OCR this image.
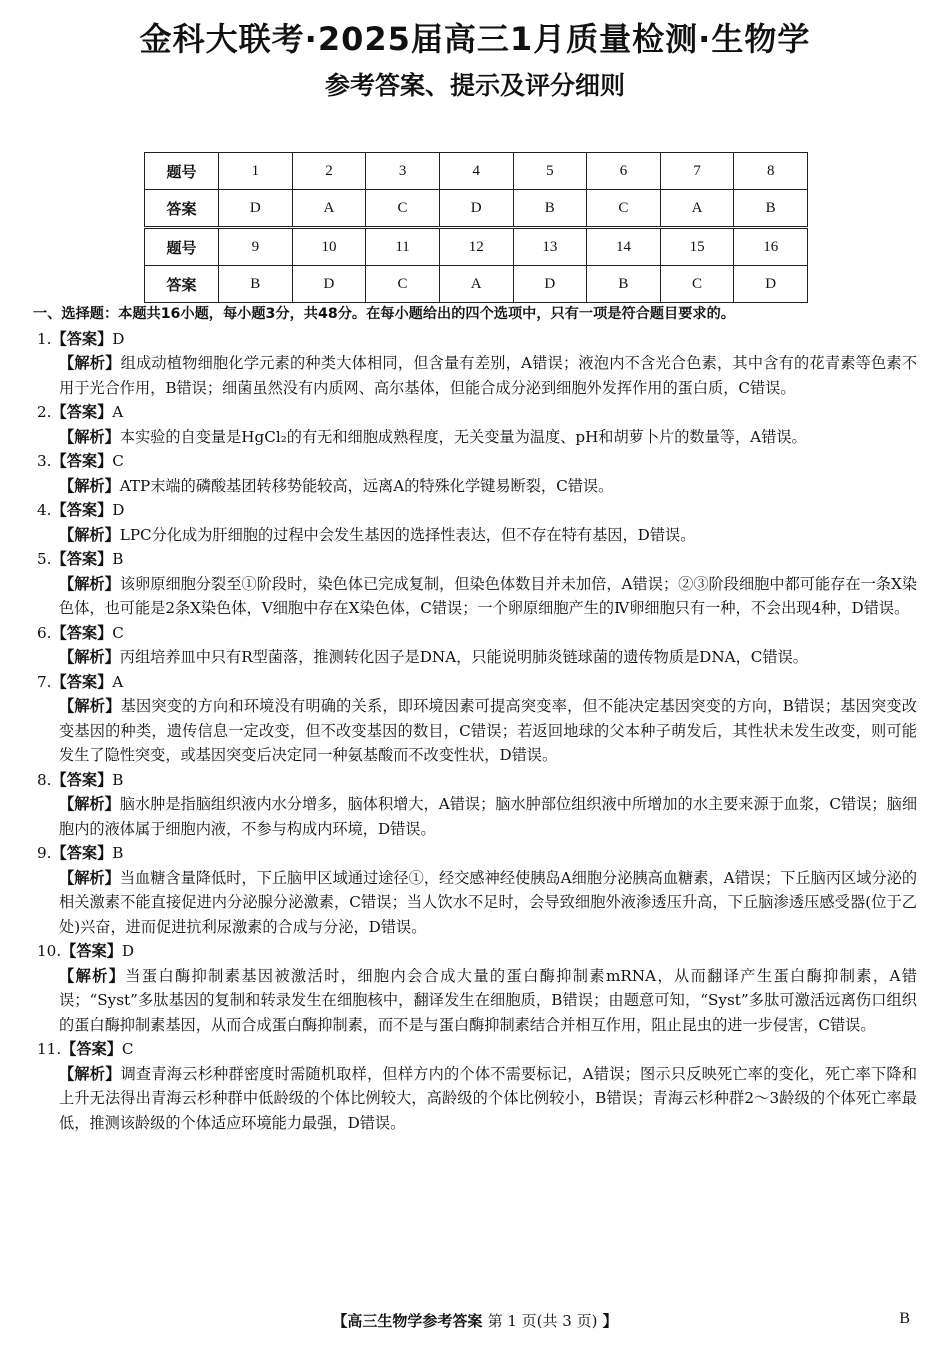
金科大联考·2025届高三1月质量检测·生物学
参考答案、提示及评分细则
题号	1	2	3	4	5	6	7	8
答案	D	A	C	D	B	C	A	B
题号	9	10	11	12	13	14	15	16
答案	B	D	C	A	D	B	C	D
一、选择题：本题共16小题，每小题3分，共48分。在每小题给出的四个选项中，只有一项是符合题目要求的。
1.【答案】D
【解析】组成动植物细胞化学元素的种类大体相同，但含量有差别，A错误；液泡内不含光合色素，其中含有的花青素等色素不用于光合作用，B错误；细菌虽然没有内质网、高尔基体，但能合成分泌到细胞外发挥作用的蛋白质，C错误。
2.【答案】A
【解析】本实验的自变量是HgCl₂的有无和细胞成熟程度，无关变量为温度、pH和胡萝卜片的数量等，A错误。
3.【答案】C
【解析】ATP末端的磷酸基团转移势能较高，远离A的特殊化学键易断裂，C错误。
4.【答案】D
【解析】LPC分化成为肝细胞的过程中会发生基因的选择性表达，但不存在特有基因，D错误。
5.【答案】B
【解析】该卵原细胞分裂至①阶段时，染色体已完成复制，但染色体数目并未加倍，A错误；②③阶段细胞中都可能存在一条X染色体，也可能是2条X染色体，Ⅴ细胞中存在X染色体，C错误；一个卵原细胞产生的Ⅳ卵细胞只有一种，不会出现4种，D错误。
6.【答案】C
【解析】丙组培养皿中只有R型菌落，推测转化因子是DNA，只能说明肺炎链球菌的遗传物质是DNA，C错误。
7.【答案】A
【解析】基因突变的方向和环境没有明确的关系，即环境因素可提高突变率，但不能决定基因突变的方向，B错误；基因突变改变基因的种类，遗传信息一定改变，但不改变基因的数目，C错误；若返回地球的父本种子萌发后，其性状未发生改变，则可能发生了隐性突变，或基因突变后决定同一种氨基酸而不改变性状，D错误。
8.【答案】B
【解析】脑水肿是指脑组织液内水分增多，脑体积增大，A错误；脑水肿部位组织液中所增加的水主要来源于血浆，C错误；脑细胞内的液体属于细胞内液，不参与构成内环境，D错误。
9.【答案】B
【解析】当血糖含量降低时，下丘脑甲区域通过途径①，经交感神经使胰岛A细胞分泌胰高血糖素，A错误；下丘脑丙区域分泌的相关激素不能直接促进内分泌腺分泌激素，C错误；当人饮水不足时，会导致细胞外液渗透压升高，下丘脑渗透压感受器(位于乙处)兴奋，进而促进抗利尿激素的合成与分泌，D错误。
10.【答案】D
【解析】当蛋白酶抑制素基因被激活时，细胞内会合成大量的蛋白酶抑制素mRNA，从而翻译产生蛋白酶抑制素，A错误；“Syst”多肽基因的复制和转录发生在细胞核中，翻译发生在细胞质，B错误；由题意可知，“Syst”多肽可激活远离伤口组织的蛋白酶抑制素基因，从而合成蛋白酶抑制素，而不是与蛋白酶抑制素结合并相互作用，阻止昆虫的进一步侵害，C错误。
11.【答案】C
【解析】调查青海云杉种群密度时需随机取样，但样方内的个体不需要标记，A错误；图示只反映死亡率的变化，死亡率下降和上升无法得出青海云杉种群中低龄级的个体比例较大，高龄级的个体比例较小，B错误；青海云杉种群2～3龄级的个体死亡率最低，推测该龄级的个体适应环境能力最强，D错误。
【高三生物学参考答案 第 1 页(共 3 页) 】	B
